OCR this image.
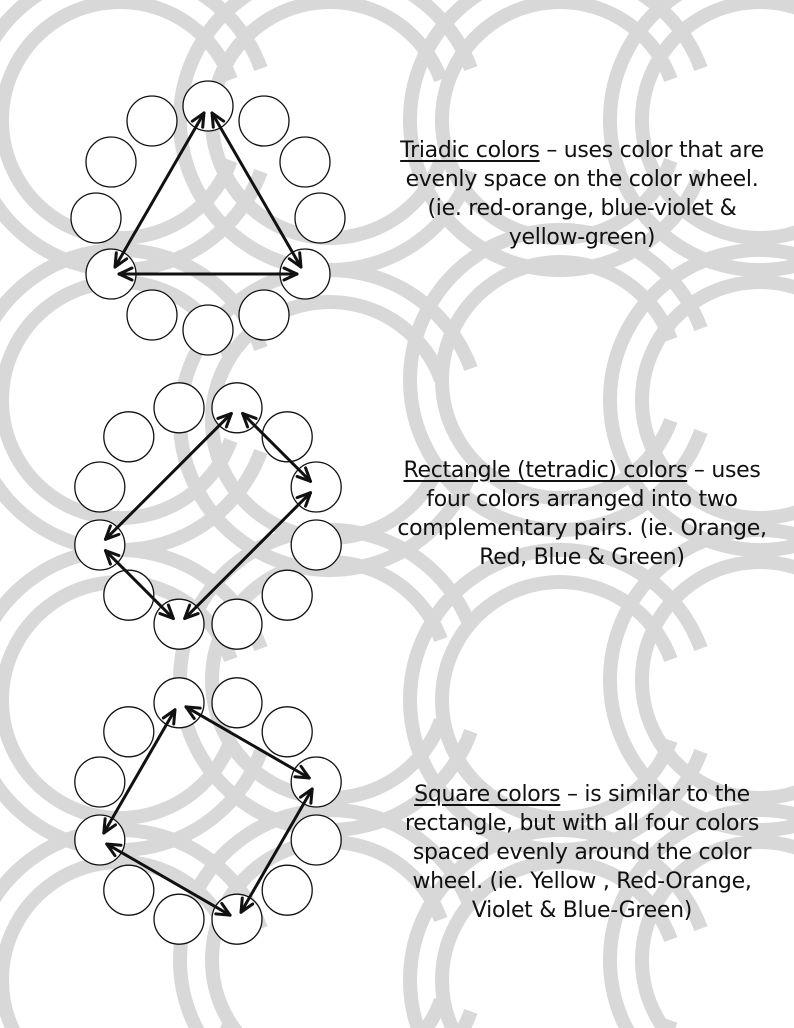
Triadic colors – uses color that are evenly space on the color wheel. (ie. red-orange, blue-violet & yellow-green)
Rectangle (tetradic) colors – uses four colors arranged into two complementary pairs. (ie. Orange, Red, Blue & Green)
Square colors – is similar to the rectangle, but with all four colors spaced evenly around the color wheel. (ie. Yellow , Red-Orange, Violet & Blue-Green)
